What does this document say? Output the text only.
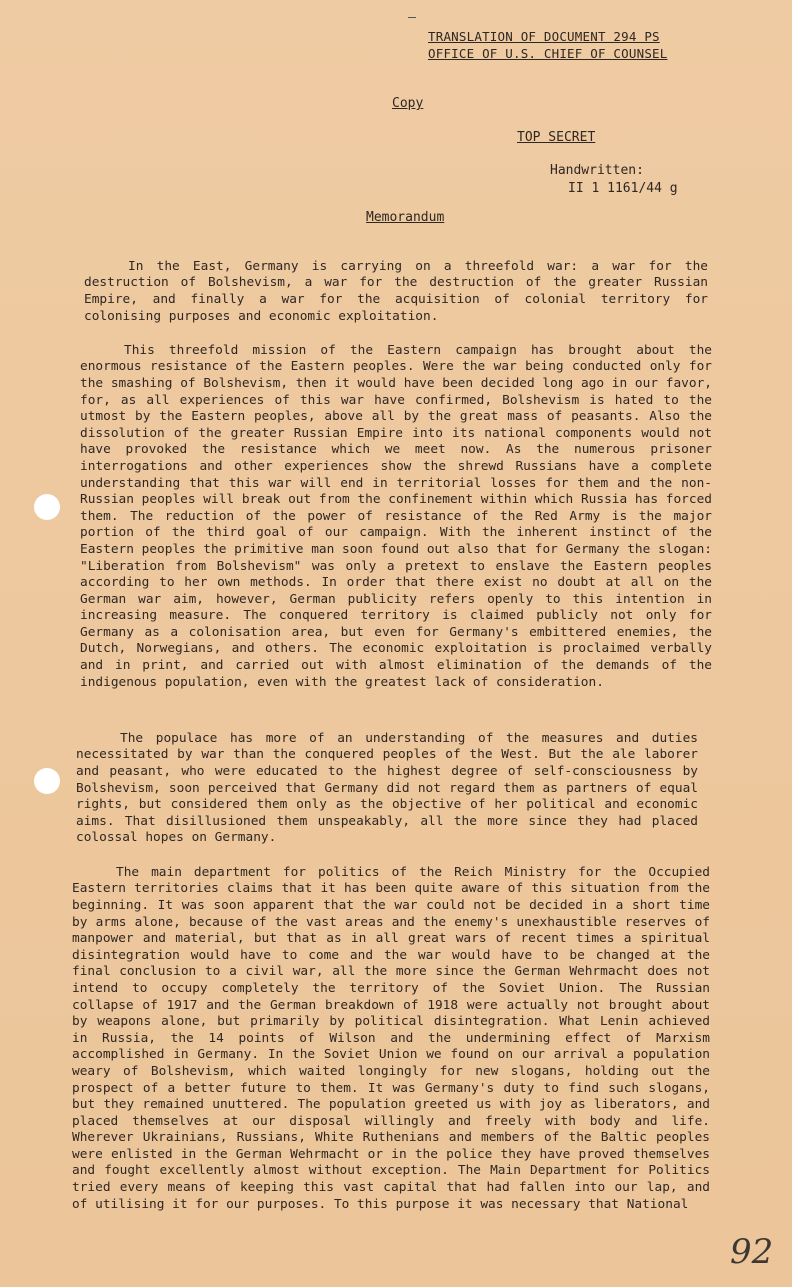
TRANSLATION OF DOCUMENT 294 PS
OFFICE OF U.S. CHIEF OF COUNSEL
Copy
TOP SECRET
Handwritten:
II 1 1161/44 g
Memorandum

In the East, Germany is carrying on a threefold war: a war for the destruction of Bolshevism, a war for the destruction of the greater Russian Empire, and finally a war for the acquisition of colonial territory for colonising purposes and economic exploitation.

This threefold mission of the Eastern campaign has brought about the enormous resistance of the Eastern peoples. Were the war being conducted only for the smashing of Bolshevism, then it would have been decided long ago in our favor, for, as all experiences of this war have confirmed, Bolshevism is hated to the utmost by the Eastern peoples, above all by the great mass of peasants. Also the dissolution of the greater Russian Empire into its national components would not have provoked the resistance which we meet now. As the numerous prisoner interrogations and other experiences show the shrewd Russians have a complete understanding that this war will end in territorial losses for them and the non-Russian peoples will break out from the confinement within which Russia has forced them. The reduction of the power of resistance of the Red Army is the major portion of the third goal of our campaign. With the inherent instinct of the Eastern peoples the primitive man soon found out also that for Germany the slogan: "Liberation from Bolshevism" was only a pretext to enslave the Eastern peoples according to her own methods. In order that there exist no doubt at all on the German war aim, however, German publicity refers openly to this intention in increasing measure. The conquered territory is claimed publicly not only for Germany as a colonisation area, but even for Germany's embittered enemies, the Dutch, Norwegians, and others. The economic exploitation is proclaimed verbally and in print, and carried out with almost elimination of the demands of the indigenous population, even with the greatest lack of consideration.

The populace has more of an understanding of the measures and duties necessitated by war than the conquered peoples of the West. But the ale laborer and peasant, who were educated to the highest degree of self-consciousness by Bolshevism, soon perceived that Germany did not regard them as partners of equal rights, but considered them only as the objective of her political and economic aims. That disillusioned them unspeakably, all the more since they had placed colossal hopes on Germany.

The main department for politics of the Reich Ministry for the Occupied Eastern territories claims that it has been quite aware of this situation from the beginning. It was soon apparent that the war could not be decided in a short time by arms alone, because of the vast areas and the enemy's unexhaustible reserves of manpower and material, but that as in all great wars of recent times a spiritual disintegration would have to come and the war would have to be changed at the final conclusion to a civil war, all the more since the German Wehrmacht does not intend to occupy completely the territory of the Soviet Union. The Russian collapse of 1917 and the German breakdown of 1918 were actually not brought about by weapons alone, but primarily by political disintegration. What Lenin achieved in Russia, the 14 points of Wilson and the undermining effect of Marxism accomplished in Germany. In the Soviet Union we found on our arrival a population weary of Bolshevism, which waited longingly for new slogans, holding out the prospect of a better future to them. It was Germany's duty to find such slogans, but they remained unuttered. The population greeted us with joy as liberators, and placed themselves at our disposal willingly and freely with body and life. Wherever Ukrainians, Russians, White Ruthenians and members of the Baltic peoples were enlisted in the German Wehrmacht or in the police they have proved themselves and fought excellently almost without exception. The Main Department for Politics tried every means of keeping this vast capital that had fallen into our lap, and of utilising it for our purposes. To this purpose it was necessary that National

92
